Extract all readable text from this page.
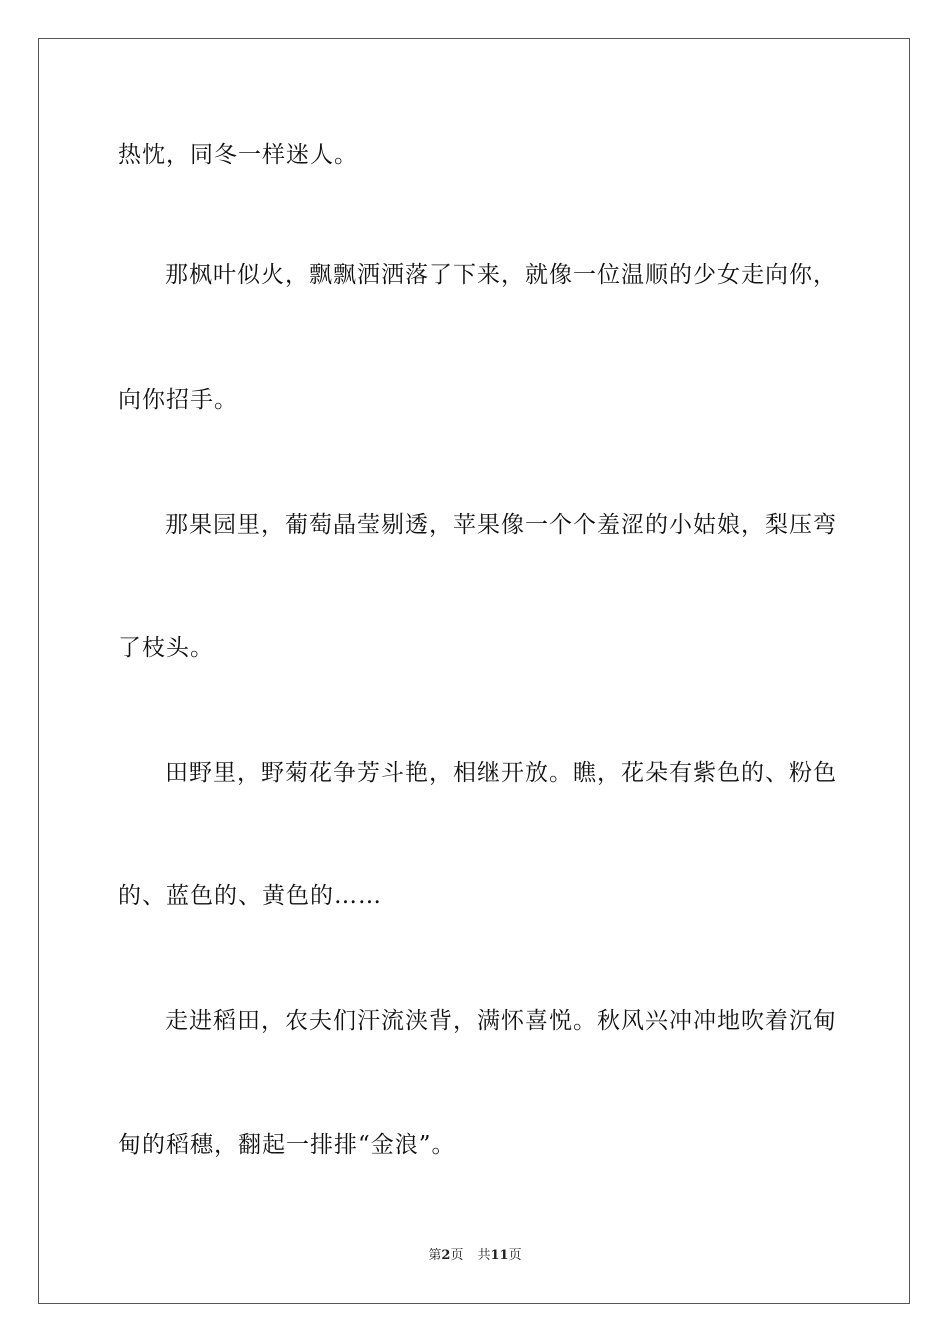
热忱，同冬一样迷人。
那枫叶似火，飘飘洒洒落了下来，就像一位温顺的少女走向你，
向你招手。
那果园里，葡萄晶莹剔透，苹果像一个个羞涩的小姑娘，梨压弯
了枝头。
田野里，野菊花争芳斗艳，相继开放。瞧，花朵有紫色的、粉色
的、蓝色的、黄色的……
走进稻田，农夫们汗流浃背，满怀喜悦。秋风兴冲冲地吹着沉甸
甸的稻穗，翻起一排排“金浪”。
第2页 共11页
